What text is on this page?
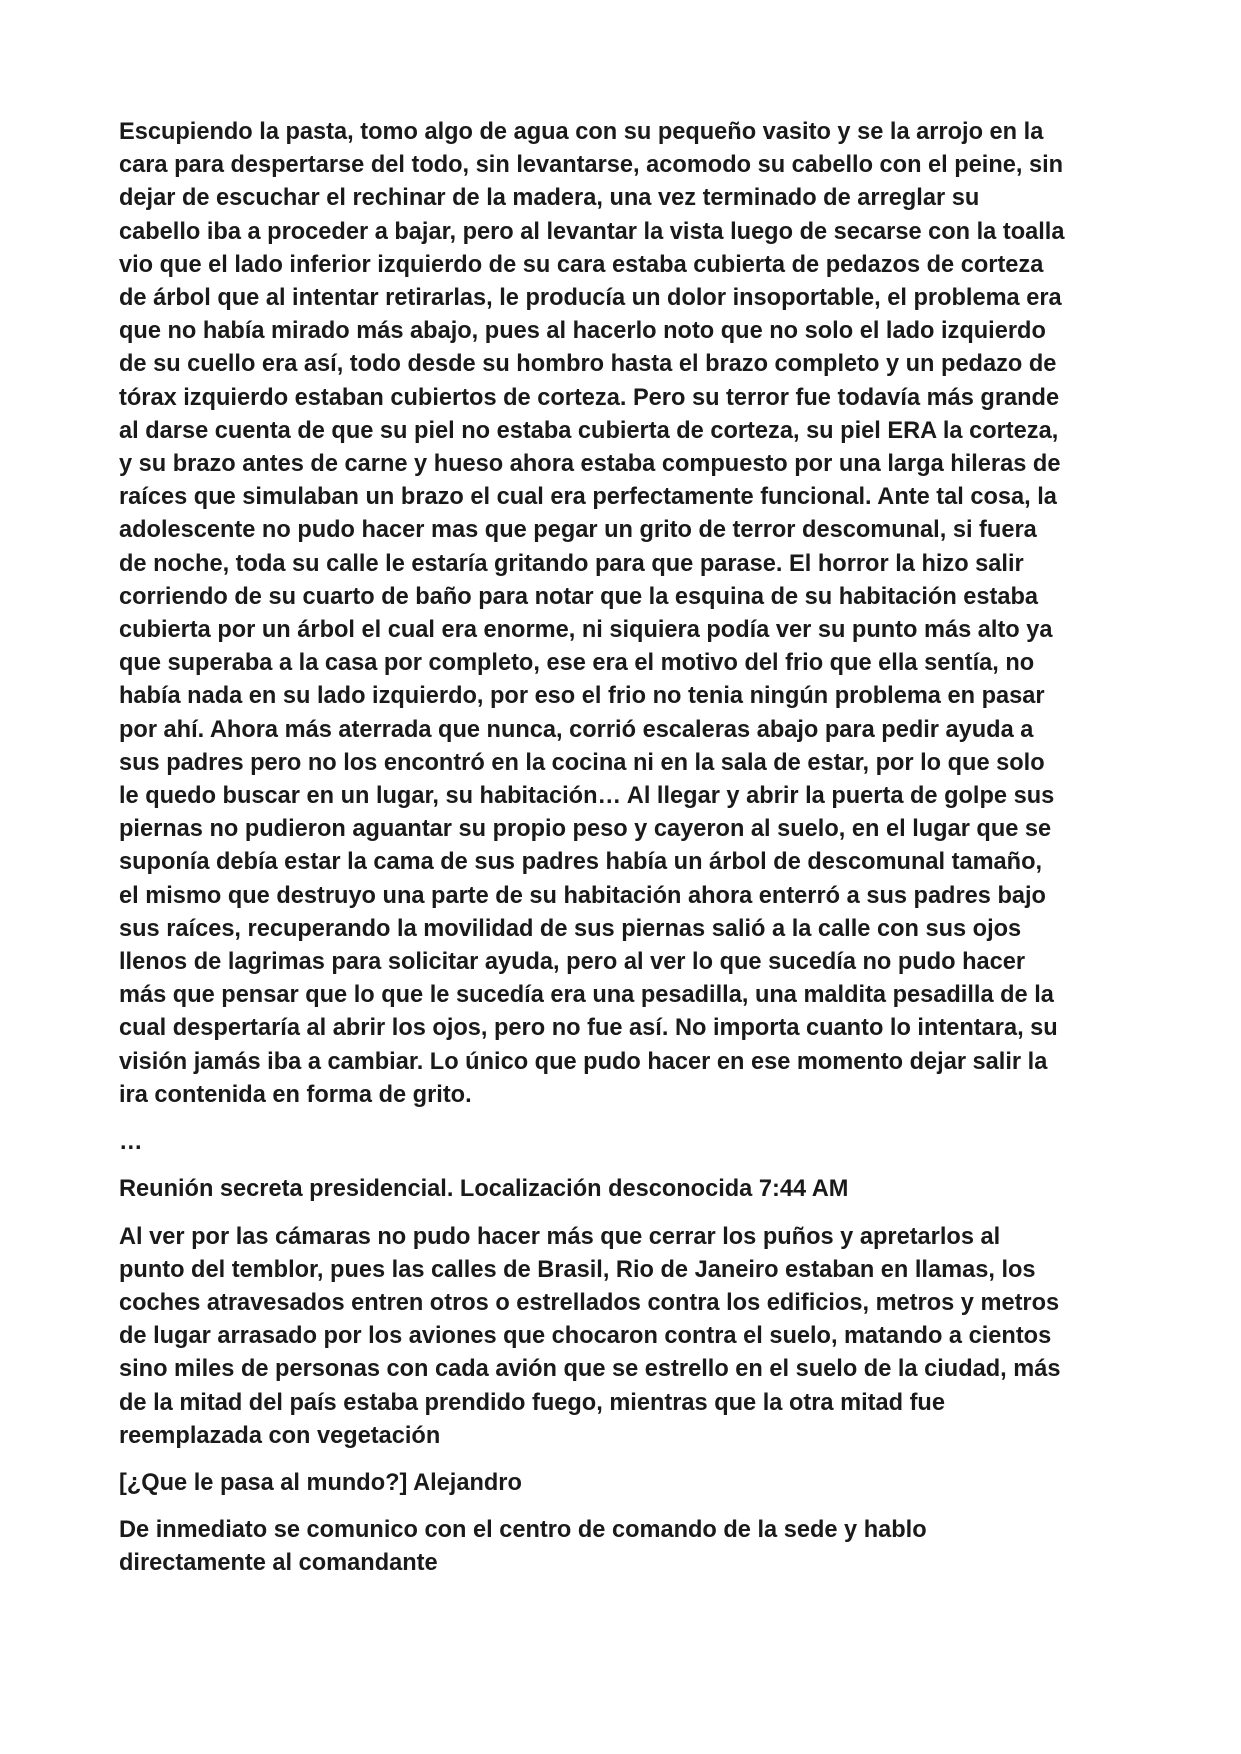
Escupiendo la pasta, tomo algo de agua con su pequeño vasito y se la arrojo en la
cara para despertarse del todo, sin levantarse, acomodo su cabello con el peine, sin
dejar de escuchar el rechinar de la madera, una vez terminado de arreglar su
cabello iba a proceder a bajar, pero al levantar la vista luego de secarse con la toalla
vio que el lado inferior izquierdo de su cara estaba cubierta de pedazos de corteza
de árbol que al intentar retirarlas, le producía un dolor insoportable, el problema era
que no había mirado más abajo, pues al hacerlo noto que no solo el lado izquierdo
de su cuello era así, todo desde su hombro hasta el brazo completo y un pedazo de
tórax izquierdo estaban cubiertos de corteza. Pero su terror fue todavía más grande
al darse cuenta de que su piel no estaba cubierta de corteza, su piel ERA la corteza,
y su brazo antes de carne y hueso ahora estaba compuesto por una larga hileras de
raíces que simulaban un brazo el cual era perfectamente funcional. Ante tal cosa, la
adolescente no pudo hacer mas que pegar un grito de terror descomunal, si fuera
de noche, toda su calle le estaría gritando para que parase. El horror la hizo salir
corriendo de su cuarto de baño para notar que la esquina de su habitación estaba
cubierta por un árbol el cual era enorme, ni siquiera podía ver su punto más alto ya
que superaba a la casa por completo, ese era el motivo del frio que ella sentía, no
había nada en su lado izquierdo, por eso el frio no tenia ningún problema en pasar
por ahí. Ahora más aterrada que nunca, corrió escaleras abajo para pedir ayuda a
sus padres pero no los encontró en la cocina ni en la sala de estar, por lo que solo
le quedo buscar en un lugar, su habitación… Al llegar y abrir la puerta de golpe sus
piernas no pudieron aguantar su propio peso y cayeron al suelo, en el lugar que se
suponía debía estar la cama de sus padres había un árbol de descomunal tamaño,
el mismo que destruyo una parte de su habitación ahora enterró a sus padres bajo
sus raíces, recuperando la movilidad de sus piernas salió a la calle con sus ojos
llenos de lagrimas para solicitar ayuda, pero al ver lo que sucedía no pudo hacer
más que pensar que lo que le sucedía era una pesadilla, una maldita pesadilla de la
cual despertaría al abrir los ojos, pero no fue así. No importa cuanto lo intentara, su
visión jamás iba a cambiar. Lo único que pudo hacer en ese momento dejar salir la
ira contenida en forma de grito.

…

Reunión secreta presidencial. Localización desconocida 7:44 AM

Al ver por las cámaras no pudo hacer más que cerrar los puños y apretarlos al
punto del temblor, pues las calles de Brasil, Rio de Janeiro estaban en llamas, los
coches atravesados entren otros o estrellados contra los edificios, metros y metros
de lugar arrasado por los aviones que chocaron contra el suelo, matando a cientos
sino miles de personas con cada avión que se estrello en el suelo de la ciudad, más
de la mitad del país estaba prendido fuego, mientras que la otra mitad fue
reemplazada con vegetación

[¿Que le pasa al mundo?] Alejandro

De inmediato se comunico con el centro de comando de la sede y hablo
directamente al comandante
